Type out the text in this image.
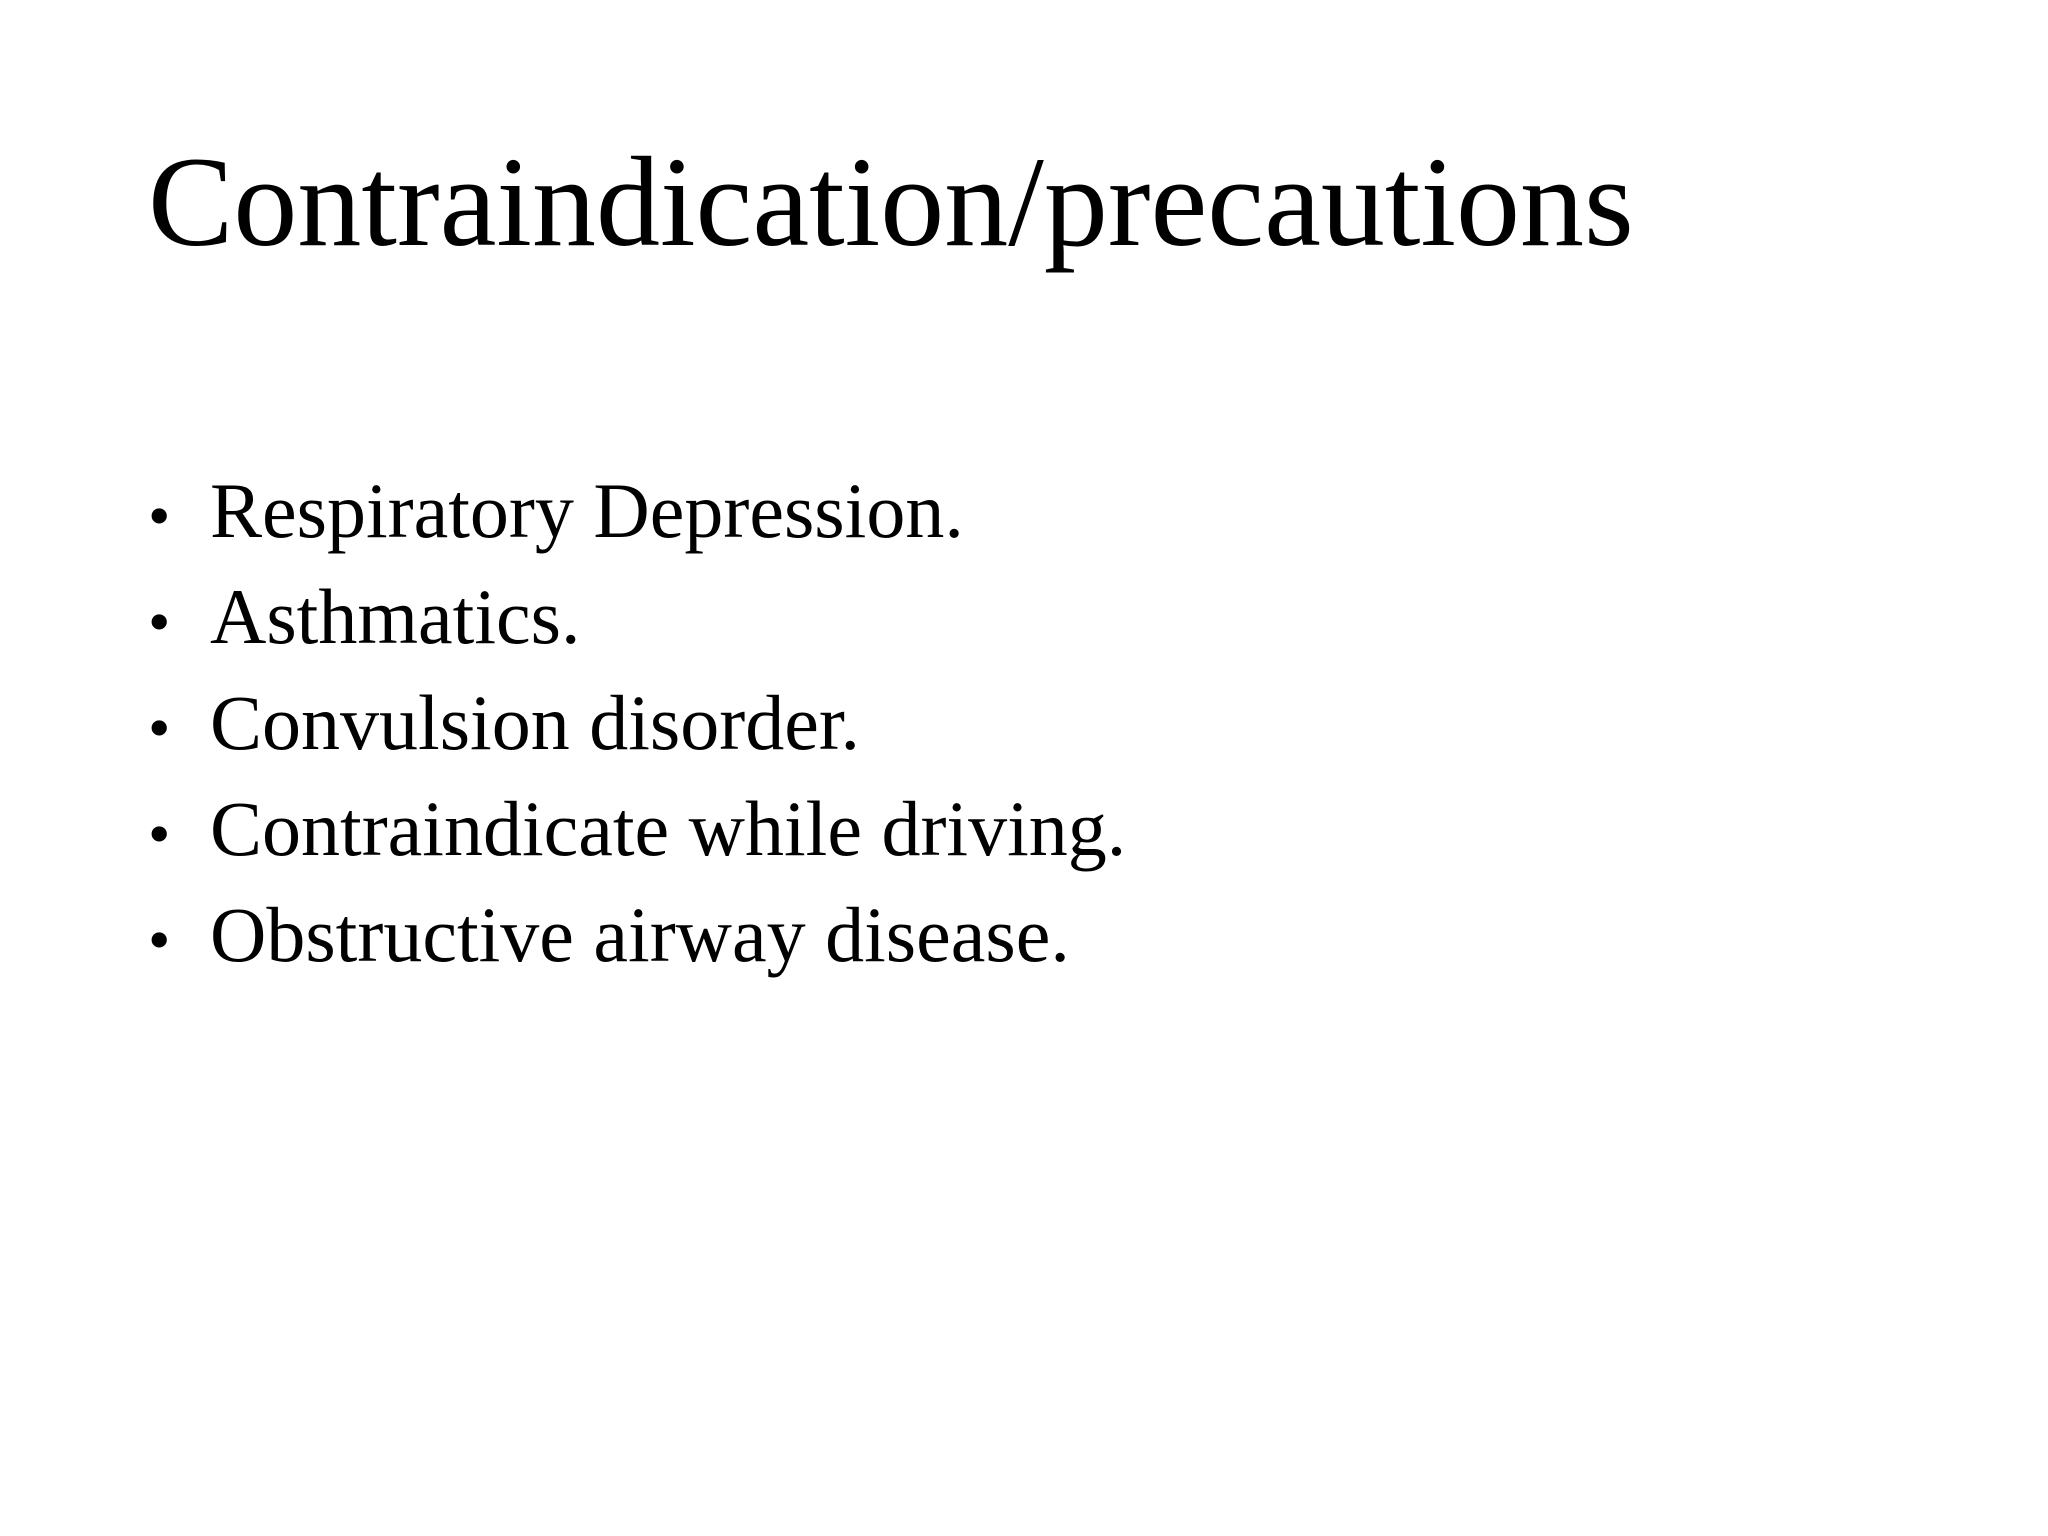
Contraindication/precautions
• Respiratory Depression.
• Asthmatics.
• Convulsion disorder.
• Contraindicate while driving.
• Obstructive airway disease.
